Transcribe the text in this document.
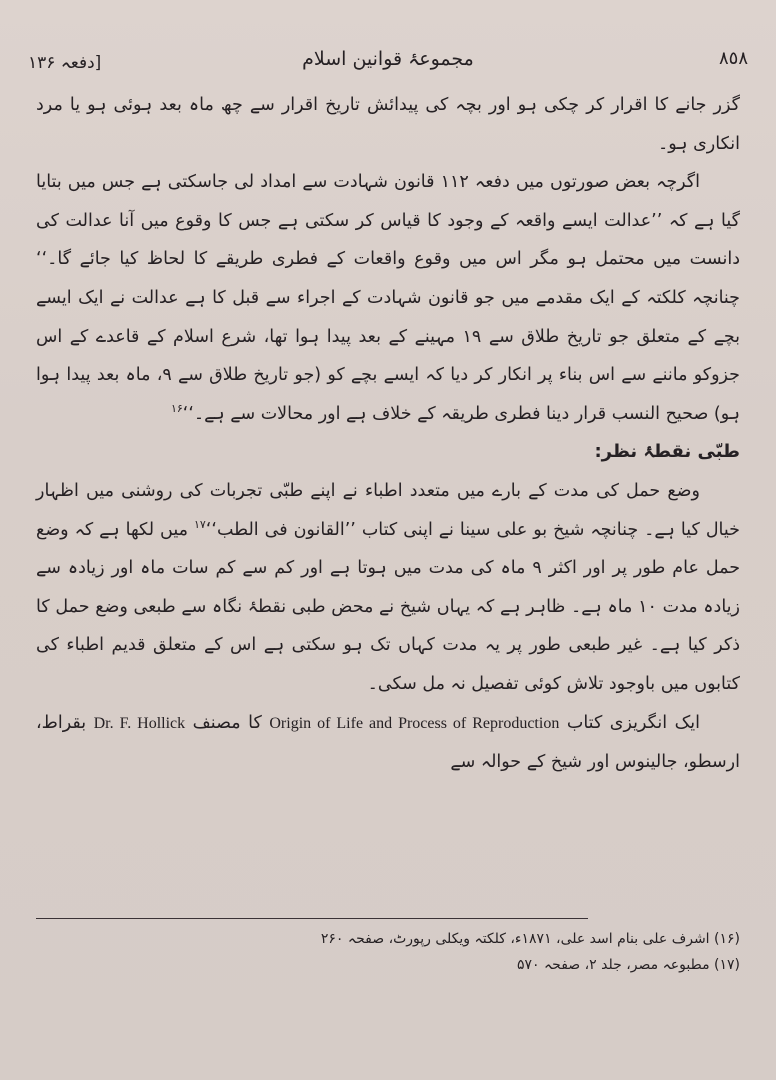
٨٥٨
مجموعۂ قوانین اسلام
[دفعہ ۱۳۶

گزر جانے کا اقرار کر چکی ہو اور بچہ کی پیدائش تاریخ اقرار سے چھ ماہ بعد ہوئی ہو یا مرد انکاری ہو۔

اگرچہ بعض صورتوں میں دفعہ ۱۱۲ قانون شہادت سے امداد لی جاسکتی ہے جس میں بتایا گیا ہے کہ ’’عدالت ایسے واقعہ کے وجود کا قیاس کر سکتی ہے جس کا وقوع میں آنا عدالت کی دانست میں محتمل ہو مگر اس میں وقوع واقعات کے فطری طریقے کا لحاظ کیا جائے گا۔‘‘ چنانچہ کلکتہ کے ایک مقدمے میں جو قانون شہادت کے اجراء سے قبل کا ہے عدالت نے ایک ایسے بچے کے متعلق جو تاریخ طلاق سے ۱۹ مہینے کے بعد پیدا ہوا تھا، شرع اسلام کے قاعدے کے اس جزوکو ماننے سے اس بناء پر انکار کر دیا کہ ایسے بچے کو (جو تاریخ طلاق سے ۹، ماہ بعد پیدا ہوا ہو) صحیح النسب قرار دینا فطری طریقہ کے خلاف ہے اور محالات سے ہے۔‘‘$^{۱۶}$

طبّی نقطۂ نظر:

وضع حمل کی مدت کے بارے میں متعدد اطباء نے اپنے طبّی تجربات کی روشنی میں اظہار خیال کیا ہے۔ چنانچہ شیخ بو علی سینا نے اپنی کتاب ’’القانون فی الطب‘‘$^{۱۷}$ میں لکھا ہے کہ وضع حمل عام طور پر اور اکثر ۹ ماہ کی مدت میں ہوتا ہے اور کم سے کم سات ماہ اور زیادہ سے زیادہ مدت ۱۰ ماہ ہے۔ ظاہر ہے کہ یہاں شیخ نے محض طبی نقطۂ نگاہ سے طبعی وضع حمل کا ذکر کیا ہے۔ غیر طبعی طور پر یہ مدت کہاں تک ہو سکتی ہے اس کے متعلق قدیم اطباء کی کتابوں میں باوجود تلاش کوئی تفصیل نہ مل سکی۔

ایک انگریزی کتاب Origin of Life and Process of Reproduction کا مصنف Dr. F. Hollick بقراط، ارسطو، جالینوس اور شیخ کے حوالہ سے

(۱۶) اشرف علی بنام اسد علی، ۱۸۷۱ء، کلکتہ ویکلی رپورٹ، صفحہ ۲۶۰

(۱۷) مطبوعہ مصر، جلد ۲، صفحہ ۵۷۰
